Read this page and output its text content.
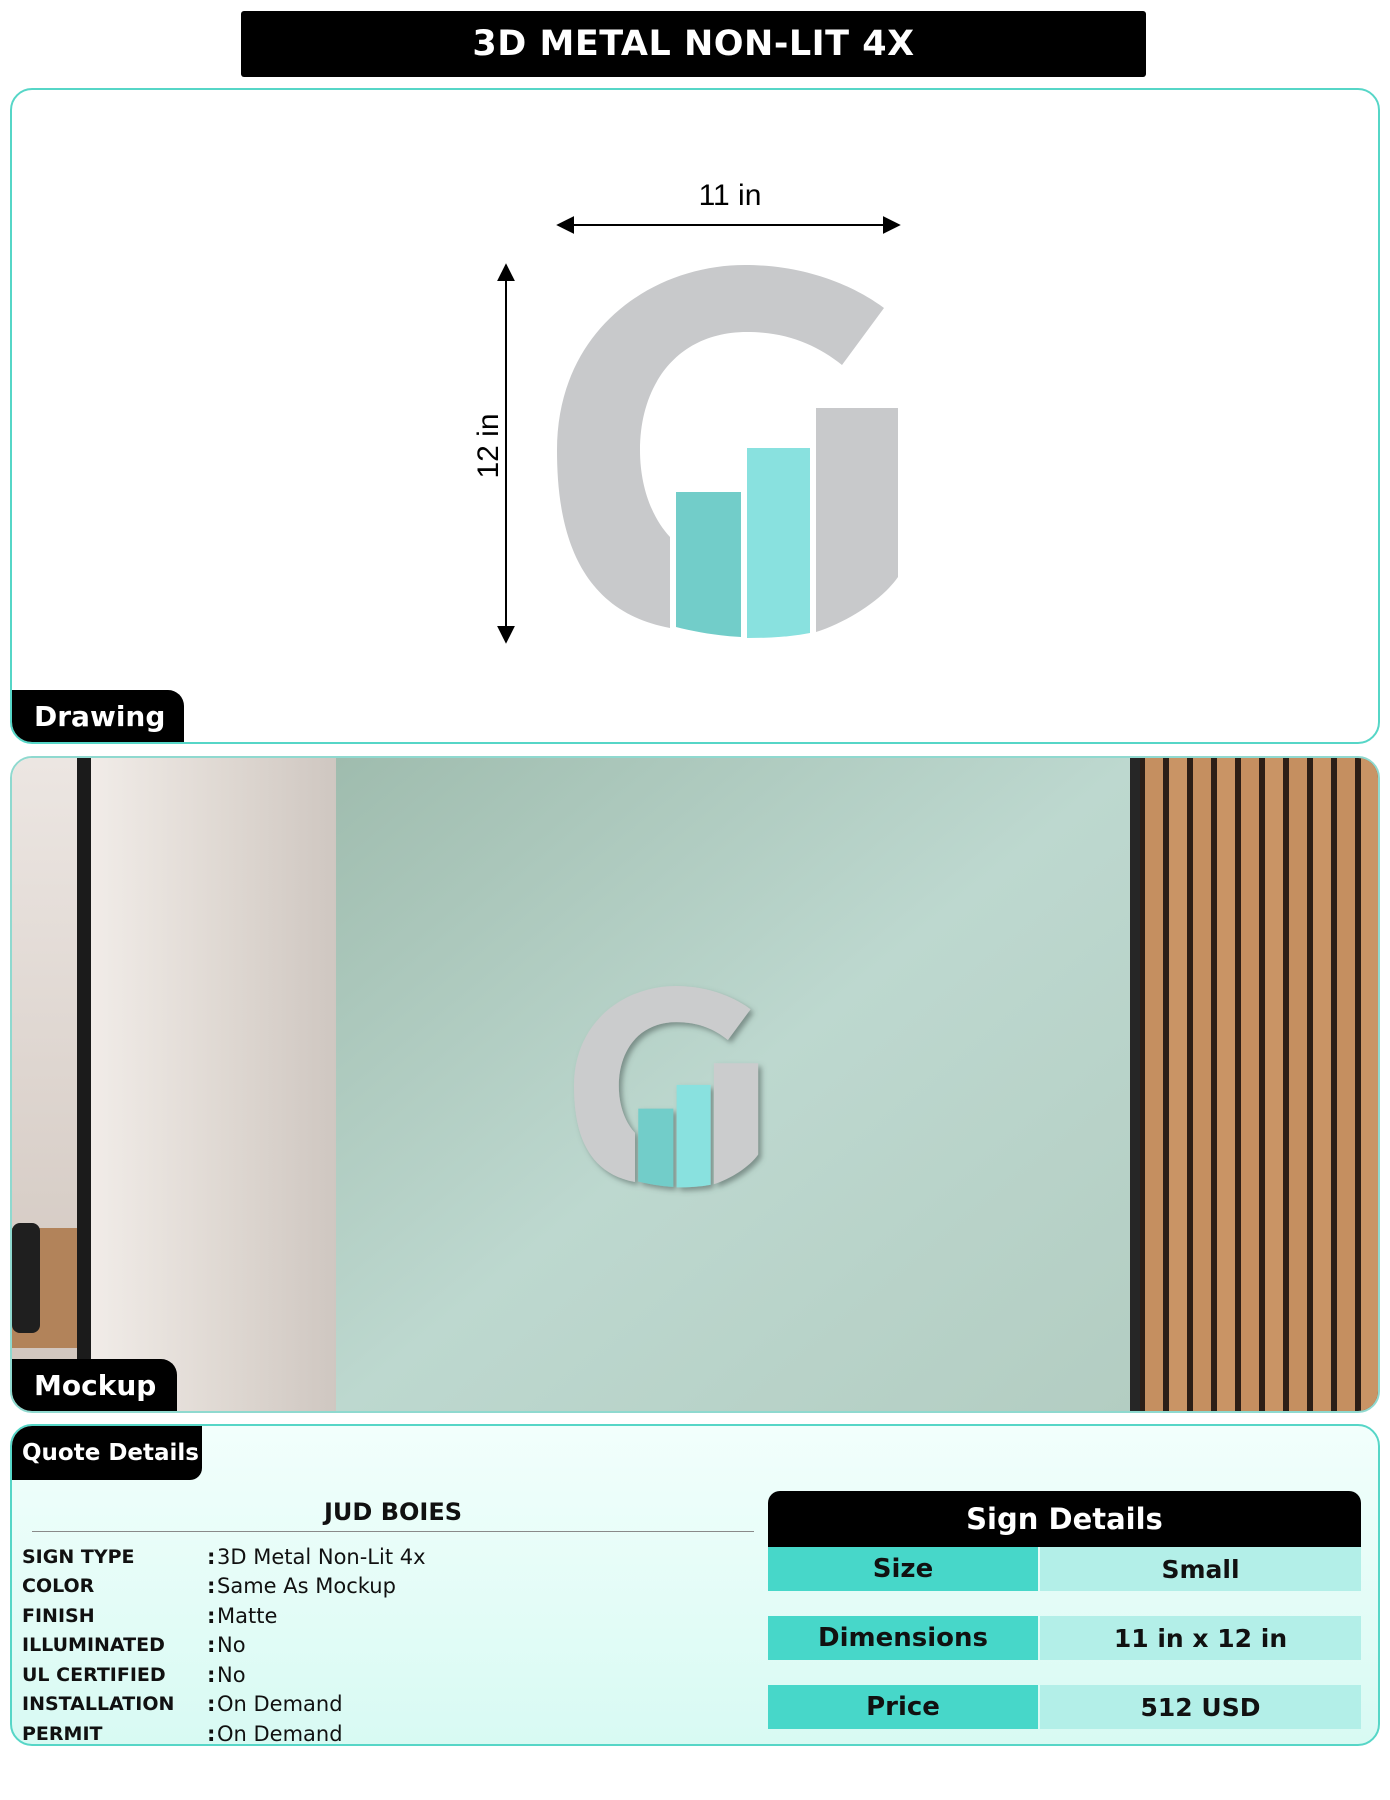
3D METAL NON-LIT 4X
11 in
12 in
Drawing
Mockup
Quote Details
JUD BOIES
SIGN TYPE	: 3D Metal Non-Lit 4x
COLOR	: Same As Mockup
FINISH	: Matte
ILLUMINATED	: No
UL CERTIFIED	: No
INSTALLATION	: On Demand
PERMIT	: On Demand
Sign Details
Size	Small
Dimensions	11 in x 12 in
Price	512 USD
